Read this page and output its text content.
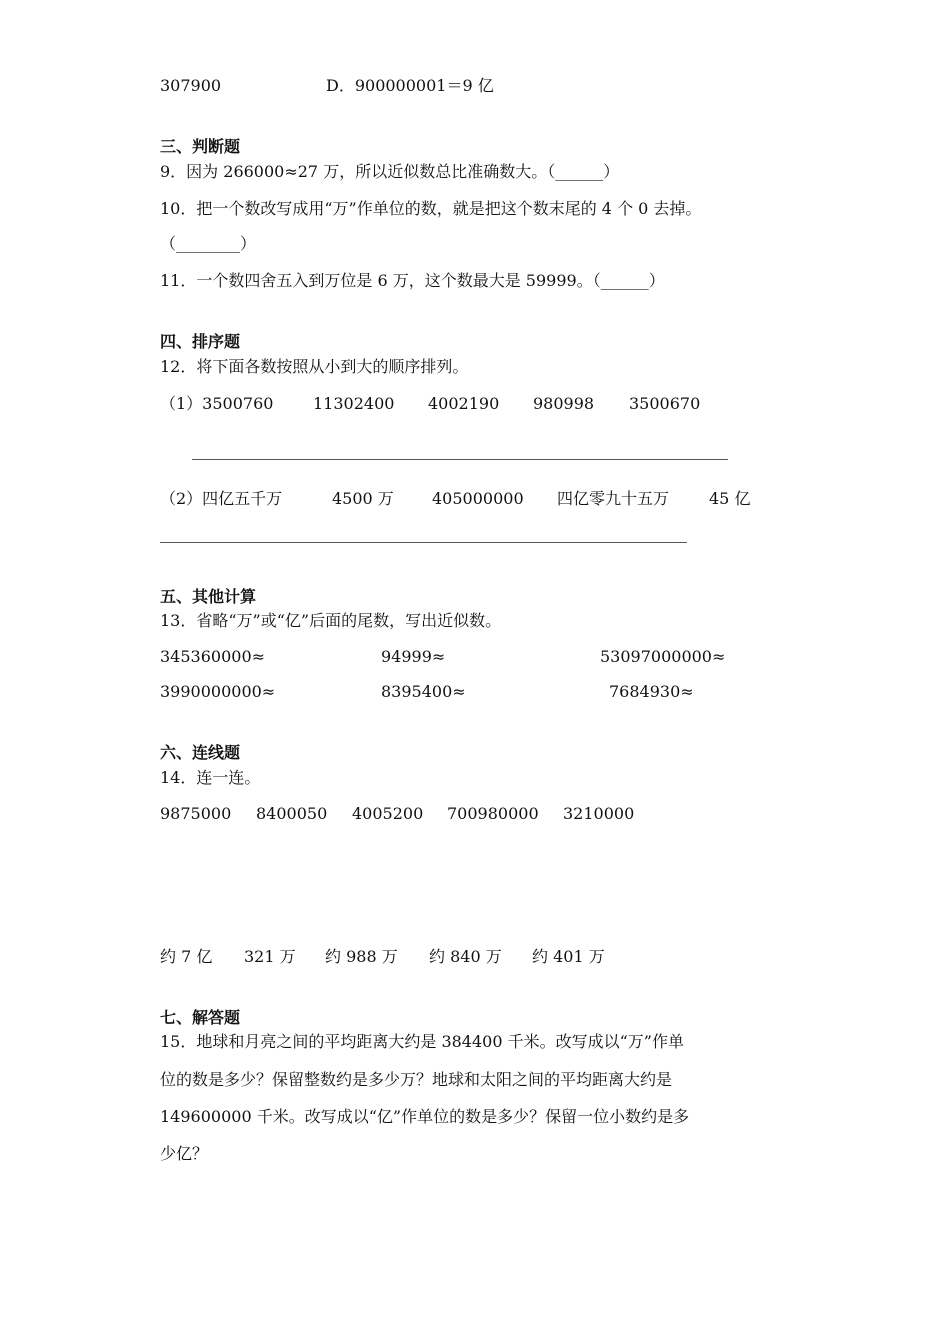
307900	D．900000001＝9 亿
三、判断题
9．因为 266000≈27 万，所以近似数总比准确数大。（______）
10．把一个数改写成用“万”作单位的数，就是把这个数末尾的 4 个 0 去掉。
（________）
11．一个数四舍五入到万位是 6 万，这个数最大是 59999。（______）
四、排序题
12．将下面各数按照从小到大的顺序排列。
（1）3500760 11302400 4002190 980998 3500670
（2）四亿五千万	4500 万 405000000 四亿零九十五万 45 亿
五、其他计算
13．省略“万”或“亿”后面的尾数，写出近似数。
345360000≈	94999≈	53097000000≈
3990000000≈	8395400≈	7684930≈
六、连线题
14．连一连。
9875000 8400050 4005200 700980000 3210000
约 7 亿 321 万 约 988 万 约 840 万 约 401 万
七、解答题
15．地球和月亮之间的平均距离大约是 384400 千米。改写成以“万”作单
位的数是多少？保留整数约是多少万？地球和太阳之间的平均距离大约是
149600000 千米。改写成以“亿”作单位的数是多少？保留一位小数约是多
少亿？
